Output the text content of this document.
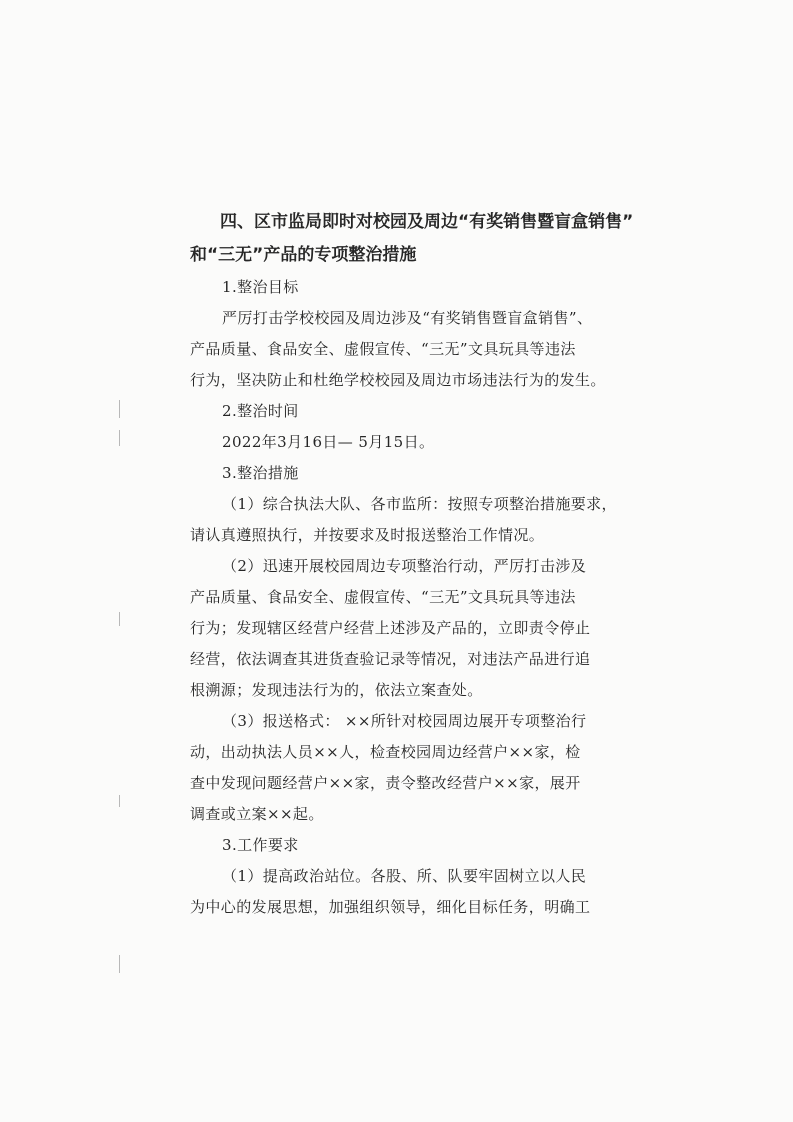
四、区市监局即时对校园及周边“有奖销售暨盲盒销售”

和“三无”产品的专项整治措施

1.整治目标

严厉打击学校校园及周边涉及“有奖销售暨盲盒销售”、

产品质量、食品安全、虚假宣传、“三无”文具玩具等违法

行为，坚决防止和杜绝学校校园及周边市场违法行为的发生。

2.整治时间

2022年3月16日— 5月15日。

3.整治措施

（1）综合执法大队、各市监所：按照专项整治措施要求，

请认真遵照执行，并按要求及时报送整治工作情况。

（2）迅速开展校园周边专项整治行动，严厉打击涉及

产品质量、食品安全、虚假宣传、“三无”文具玩具等违法

行为；发现辖区经营户经营上述涉及产品的，立即责令停止

经营，依法调查其进货查验记录等情况，对违法产品进行追

根溯源；发现违法行为的，依法立案查处。

（3）报送格式： ××所针对校园周边展开专项整治行

动，出动执法人员××人，检查校园周边经营户××家，检

查中发现问题经营户××家，责令整改经营户××家，展开

调查或立案××起。

3.工作要求

（1）提高政治站位。各股、所、队要牢固树立以人民

为中心的发展思想，加强组织领导，细化目标任务，明确工
